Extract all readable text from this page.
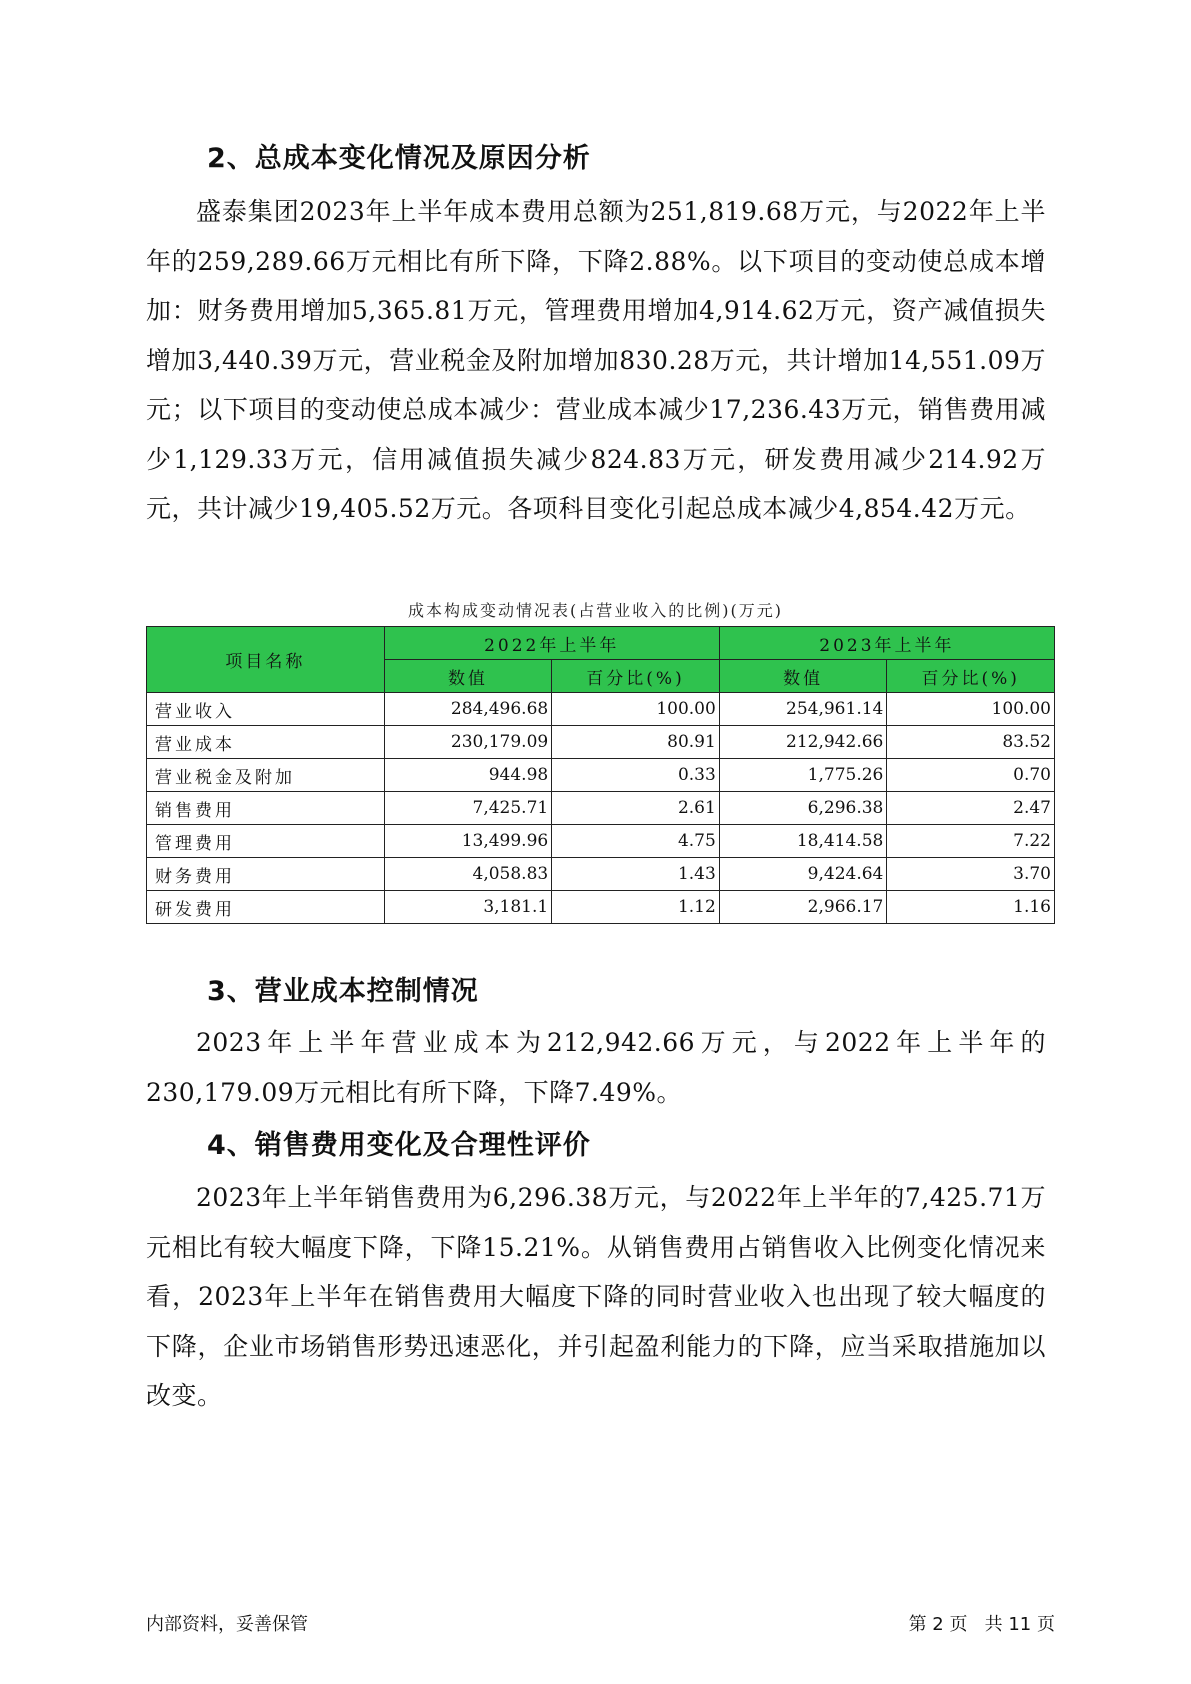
2、总成本变化情况及原因分析

盛泰集团2023年上半年成本费用总额为251,819.68万元，与2022年上半年的259,289.66万元相比有所下降，下降2.88%。以下项目的变动使总成本增加：财务费用增加5,365.81万元，管理费用增加4,914.62万元，资产减值损失增加3,440.39万元，营业税金及附加增加830.28万元，共计增加14,551.09万元；以下项目的变动使总成本减少：营业成本减少17,236.43万元，销售费用减少1,129.33万元，信用减值损失减少824.83万元，研发费用减少214.92万元，共计减少19,405.52万元。各项科目变化引起总成本减少4,854.42万元。

成本构成变动情况表(占营业收入的比例)(万元)
项目名称	2022年上半年		2023年上半年	
	数值	百分比(%)	数值	百分比(%)
营业收入	284,496.68	100.00	254,961.14	100.00
营业成本	230,179.09	80.91	212,942.66	83.52
营业税金及附加	944.98	0.33	1,775.26	0.70
销售费用	7,425.71	2.61	6,296.38	2.47
管理费用	13,499.96	4.75	18,414.58	7.22
财务费用	4,058.83	1.43	9,424.64	3.70
研发费用	3,181.1	1.12	2,966.17	1.16
3、营业成本控制情况

2023年上半年营业成本为212,942.66万元，与2022年上半年的230,179.09万元相比有所下降，下降7.49%。

4、销售费用变化及合理性评价

2023年上半年销售费用为6,296.38万元，与2022年上半年的7,425.71万元相比有较大幅度下降，下降15.21%。从销售费用占销售收入比例变化情况来看，2023年上半年在销售费用大幅度下降的同时营业收入也出现了较大幅度的下降，企业市场销售形势迅速恶化，并引起盈利能力的下降，应当采取措施加以改变。

内部资料，妥善保管	第 2 页   共 11 页
